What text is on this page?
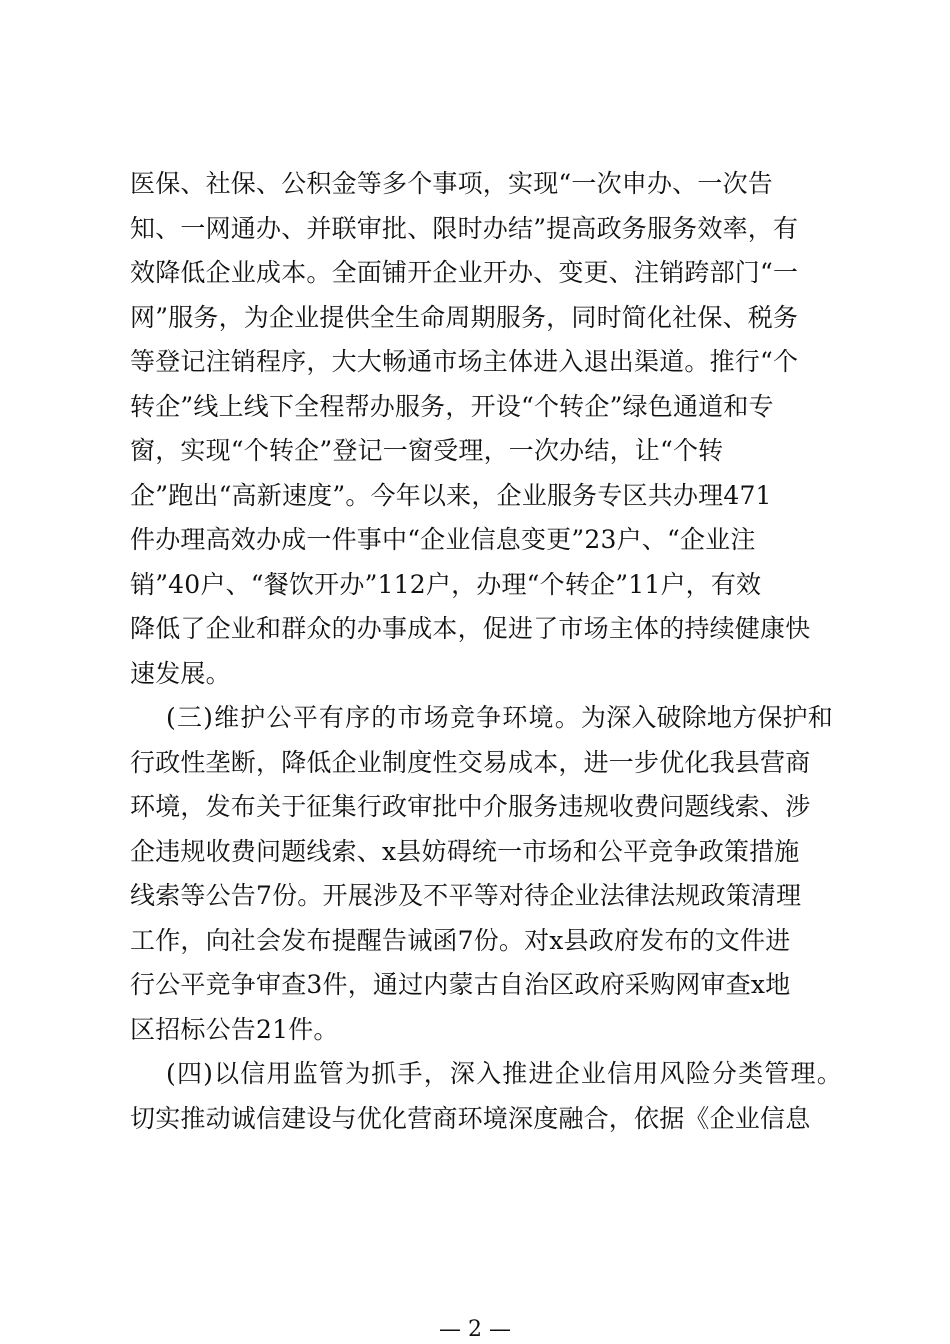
医保、社保、公积金等多个事项，实现“一次申办、一次告
知、一网通办、并联审批、限时办结”提高政务服务效率，有
效降低企业成本。全面铺开企业开办、变更、注销跨部门“一
网”服务，为企业提供全生命周期服务，同时简化社保、税务
等登记注销程序，大大畅通市场主体进入退出渠道。推行“个
转企”线上线下全程帮办服务，开设“个转企”绿色通道和专
窗，实现“个转企”登记一窗受理，一次办结，让“个转
企”跑出“高新速度”。今年以来，企业服务专区共办理471
件办理高效办成一件事中“企业信息变更”23户、“企业注
销”40户、“餐饮开办”112户，办理“个转企”11户，有效
降低了企业和群众的办事成本，促进了市场主体的持续健康快
速发展。
(三)维护公平有序的市场竞争环境。为深入破除地方保护和
行政性垄断，降低企业制度性交易成本，进一步优化我县营商
环境，发布关于征集行政审批中介服务违规收费问题线索、涉
企违规收费问题线索、x县妨碍统一市场和公平竞争政策措施
线索等公告7份。开展涉及不平等对待企业法律法规政策清理
工作，向社会发布提醒告诫函7份。对x县政府发布的文件进
行公平竞争审查3件，通过内蒙古自治区政府采购网审查x地
区招标公告21件。
(四)以信用监管为抓手，深入推进企业信用风险分类管理。
切实推动诚信建设与优化营商环境深度融合，依据《企业信息
— 2 —
